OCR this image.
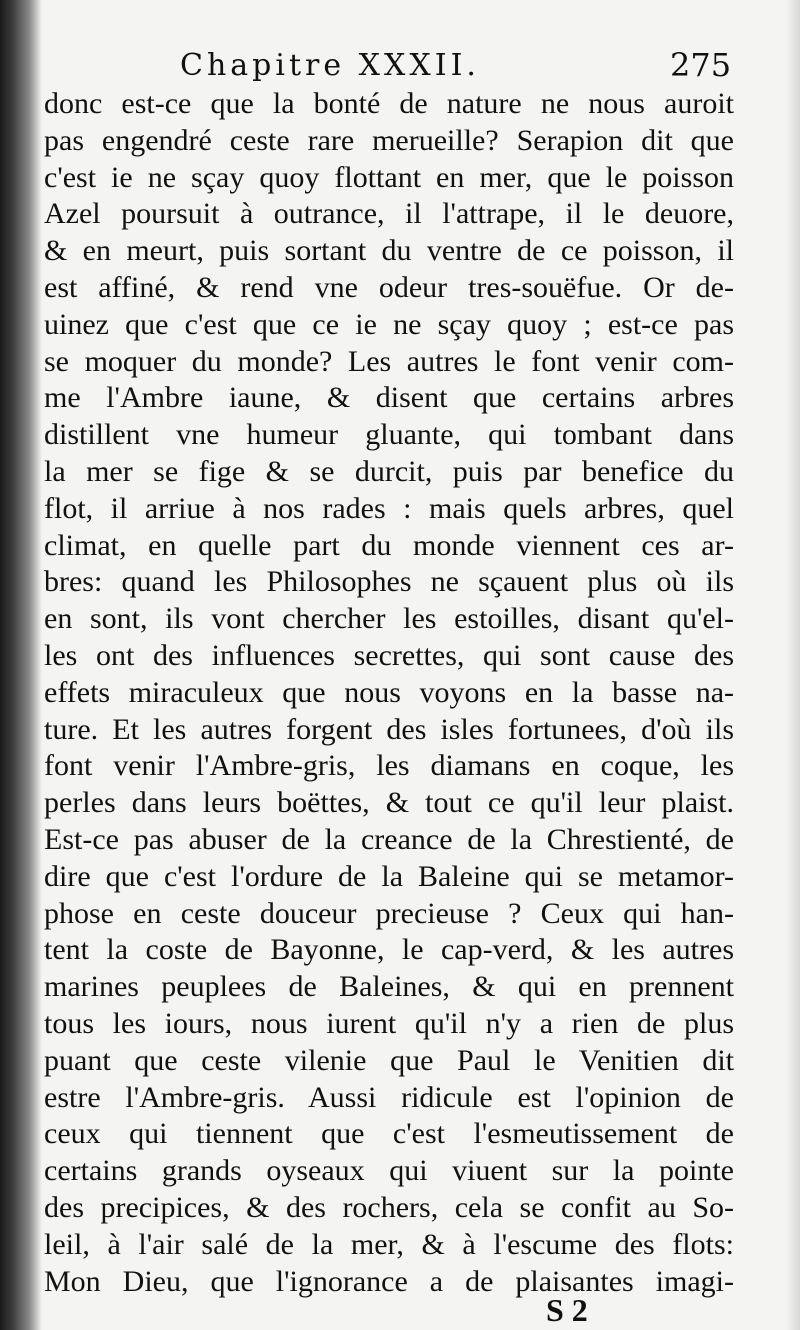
Chapitre XXXII.	275
donc est-ce que la bonté de nature ne nous auroit
pas engendré ceste rare merueille? Serapion dit que
c'est ie ne sçay quoy flottant en mer, que le poisson
Azel poursuit à outrance, il l'attrape, il le deuore,
& en meurt, puis sortant du ventre de ce poisson, il
est affiné, & rend vne odeur tres-souëfue. Or de-
uinez que c'est que ce ie ne sçay quoy ; est-ce pas
se moquer du monde? Les autres le font venir com-
me l'Ambre iaune, & disent que certains arbres
distillent vne humeur gluante, qui tombant dans
la mer se fige & se durcit, puis par benefice du
flot, il arriue à nos rades : mais quels arbres, quel
climat, en quelle part du monde viennent ces ar-
bres: quand les Philosophes ne sçauent plus où ils
en sont, ils vont chercher les estoilles, disant qu'el-
les ont des influences secrettes, qui sont cause des
effets miraculeux que nous voyons en la basse na-
ture. Et les autres forgent des isles fortunees, d'où ils
font venir l'Ambre-gris, les diamans en coque, les
perles dans leurs boëttes, & tout ce qu'il leur plaist.
Est-ce pas abuser de la creance de la Chrestienté, de
dire que c'est l'ordure de la Baleine qui se metamor-
phose en ceste douceur precieuse ? Ceux qui han-
tent la coste de Bayonne, le cap-verd, & les autres
marines peuplees de Baleines, & qui en prennent
tous les iours, nous iurent qu'il n'y a rien de plus
puant que ceste vilenie que Paul le Venitien dit
estre l'Ambre-gris. Aussi ridicule est l'opinion de
ceux qui tiennent que c'est l'esmeutissement de
certains grands oyseaux qui viuent sur la pointe
des precipices, & des rochers, cela se confit au So-
leil, à l'air salé de la mer, & à l'escume des flots:
Mon Dieu, que l'ignorance a de plaisantes imagi-
S 2
